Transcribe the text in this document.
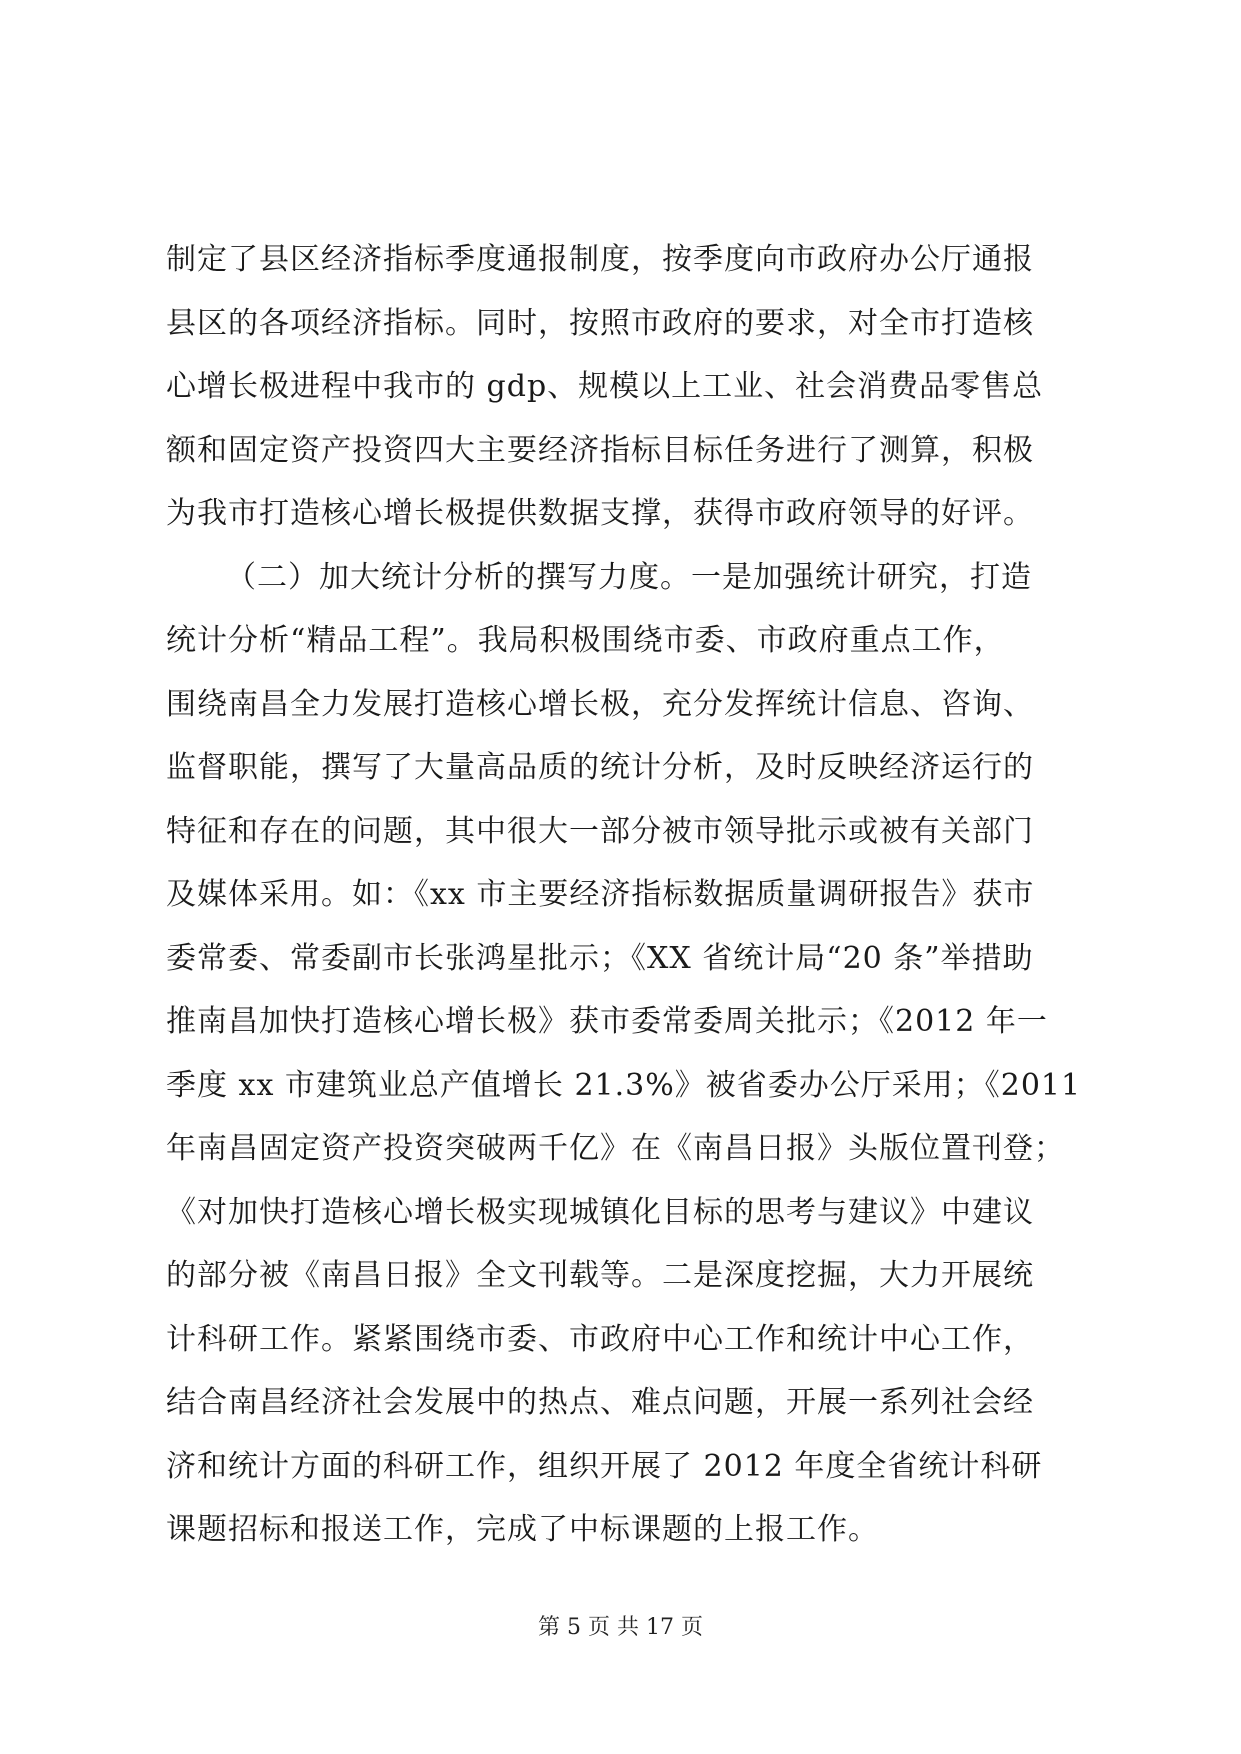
制定了县区经济指标季度通报制度，按季度向市政府办公厅通报
县区的各项经济指标。同时，按照市政府的要求，对全市打造核
心增长极进程中我市的 gdp、规模以上工业、社会消费品零售总
额和固定资产投资四大主要经济指标目标任务进行了测算，积极
为我市打造核心增长极提供数据支撑，获得市政府领导的好评。
（二）加大统计分析的撰写力度。一是加强统计研究，打造
统计分析“精品工程”。我局积极围绕市委、市政府重点工作，
围绕南昌全力发展打造核心增长极，充分发挥统计信息、咨询、
监督职能，撰写了大量高品质的统计分析，及时反映经济运行的
特征和存在的问题，其中很大一部分被市领导批示或被有关部门
及媒体采用。如：《xx 市主要经济指标数据质量调研报告》获市
委常委、常委副市长张鸿星批示；《XX 省统计局“20 条”举措助
推南昌加快打造核心增长极》获市委常委周关批示；《2012 年一
季度 xx 市建筑业总产值增长 21.3%》被省委办公厅采用；《2011
年南昌固定资产投资突破两千亿》在《南昌日报》头版位置刊登；
《对加快打造核心增长极实现城镇化目标的思考与建议》中建议
的部分被《南昌日报》全文刊载等。二是深度挖掘，大力开展统
计科研工作。紧紧围绕市委、市政府中心工作和统计中心工作，
结合南昌经济社会发展中的热点、难点问题，开展一系列社会经
济和统计方面的科研工作，组织开展了 2012 年度全省统计科研
课题招标和报送工作，完成了中标课题的上报工作。
第 5 页 共 17 页
